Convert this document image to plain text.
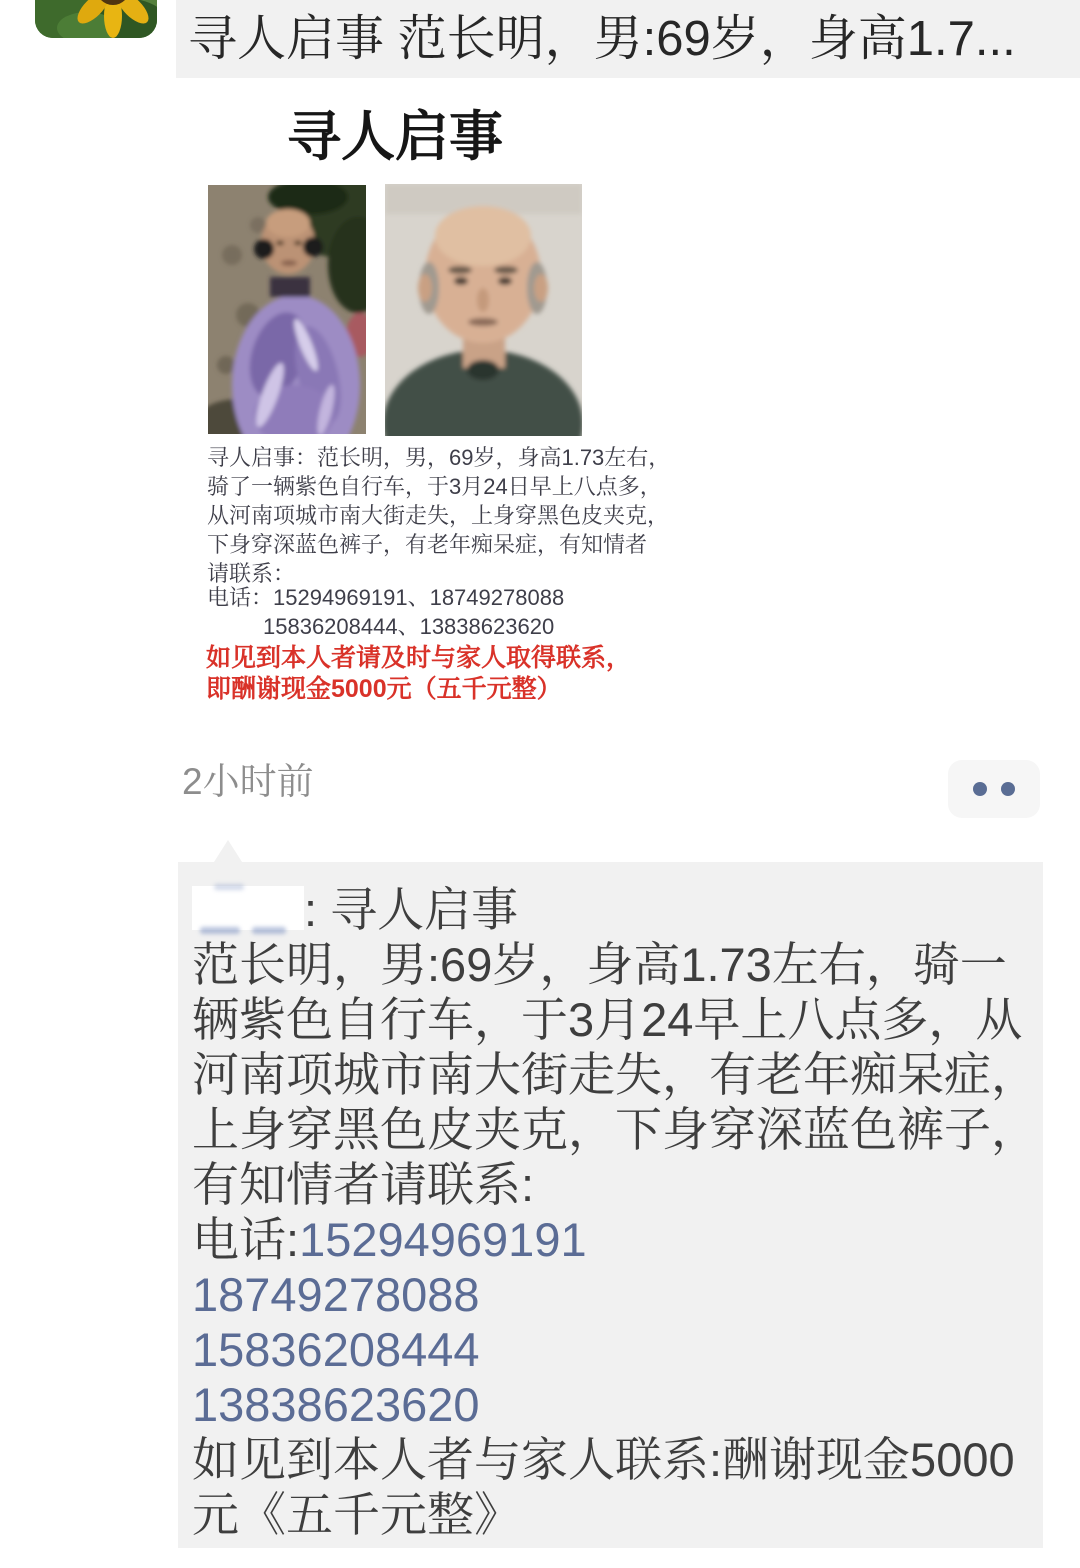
寻人启事 范长明，男:69岁，身高1.7...
寻人启事
寻人启事：范长明，男，69岁，身高1.73左右，
骑了一辆紫色自行车，于3月24日早上八点多，
从河南项城市南大街走失，上身穿黑色皮夹克，
下身穿深蓝色裤子，有老年痴呆症，有知情者
请联系：
电话：15294969191、18749278088
15836208444、13838623620
如见到本人者请及时与家人取得联系，
即酬谢现金5000元（五千元整）
2小时前
: 寻人启事
范长明，男:69岁，身高1.73左右，骑一
辆紫色自行车，于3月24早上八点多，从
河南项城市南大街走失，有老年痴呆症，
上身穿黑色皮夹克，下身穿深蓝色裤子，
有知情者请联系:
电话:15294969191
18749278088
15836208444
13838623620
如见到本人者与家人联系:酬谢现金5000
元《五千元整》
